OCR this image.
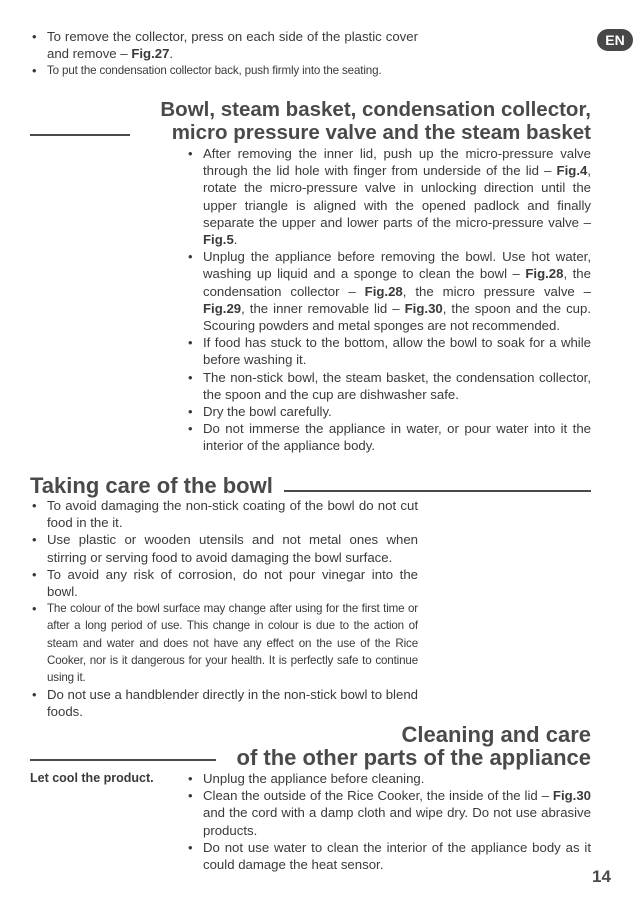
EN
• To remove the collector, press on each side of the plastic cover and remove – Fig.27.
• To put the condensation collector back, push firmly into the seating.
Bowl, steam basket, condensation collector,
micro pressure valve and the steam basket
• After removing the inner lid, push up the micro-pressure valve through the lid hole with finger from underside of the lid – Fig.4, rotate the micro-pressure valve in unlocking direction until the upper triangle is aligned with the opened padlock and finally separate the upper and lower parts of the micro-pressure valve – Fig.5.
• Unplug the appliance before removing the bowl. Use hot water, washing up liquid and a sponge to clean the bowl – Fig.28, the condensation collector – Fig.28, the micro pressure valve – Fig.29, the inner removable lid – Fig.30, the spoon and the cup. Scouring powders and metal sponges are not recommended.
• If food has stuck to the bottom, allow the bowl to soak for a while before washing it.
• The non-stick bowl, the steam basket, the condensation collector, the spoon and the cup are dishwasher safe.
• Dry the bowl carefully.
• Do not immerse the appliance in water, or pour water into it the interior of the appliance body.
Taking care of the bowl
• To avoid damaging the non-stick coating of the bowl do not cut food in the it.
• Use plastic or wooden utensils and not metal ones when stirring or serving food to avoid damaging the bowl surface.
• To avoid any risk of corrosion, do not pour vinegar into the bowl.
• The colour of the bowl surface may change after using for the first time or after a long period of use. This change in colour is due to the action of steam and water and does not have any effect on the use of the Rice Cooker, nor is it dangerous for your health. It is perfectly safe to continue using it.
• Do not use a handblender directly in the non-stick bowl to blend foods.
Cleaning and care
of the other parts of the appliance
Let cool the product.
•	Unplug the appliance before cleaning.
• Clean the outside of the Rice Cooker, the inside of the lid – Fig.30 and the cord with a damp cloth and wipe dry. Do not use abrasive products.
• Do not use water to clean the interior of the appliance body as it could damage the heat sensor.
14
